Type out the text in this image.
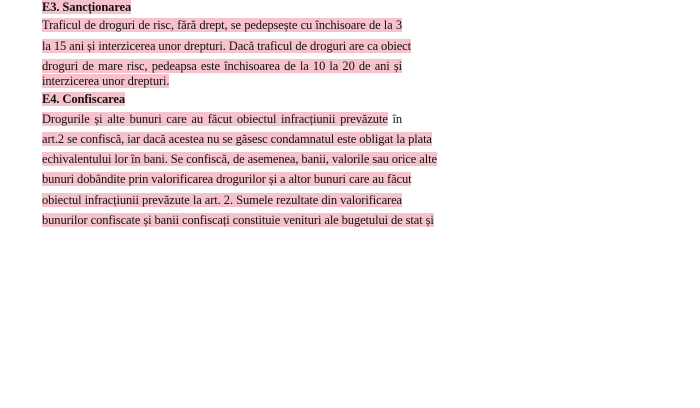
E3. Sancționarea
Traficul de droguri de risc, fără drept, se pedepsește cu închisoare de la 3
la 15 ani și interzicerea unor drepturi. Dacă traficul de droguri are ca obiect
droguri de mare risc, pedeapsa este închisoarea de la 10 la 20 de ani și
interzicerea unor drepturi.
E4. Confiscarea
Drogurile și alte bunuri care au făcut obiectul infracțiunii prevăzute în
art.2 se confiscă, iar dacă acestea nu se găsesc condamnatul este obligat la plata
echivalentului lor în bani. Se confiscă, de asemenea, banii, valorile sau orice alte
bunuri dobândite prin valorificarea drogurilor și a altor bunuri care au făcut
obiectul infracțiunii prevăzute la art. 2. Sumele rezultate din valorificarea
bunurilor confiscate și banii confiscați constituie venituri ale bugetului de stat și
